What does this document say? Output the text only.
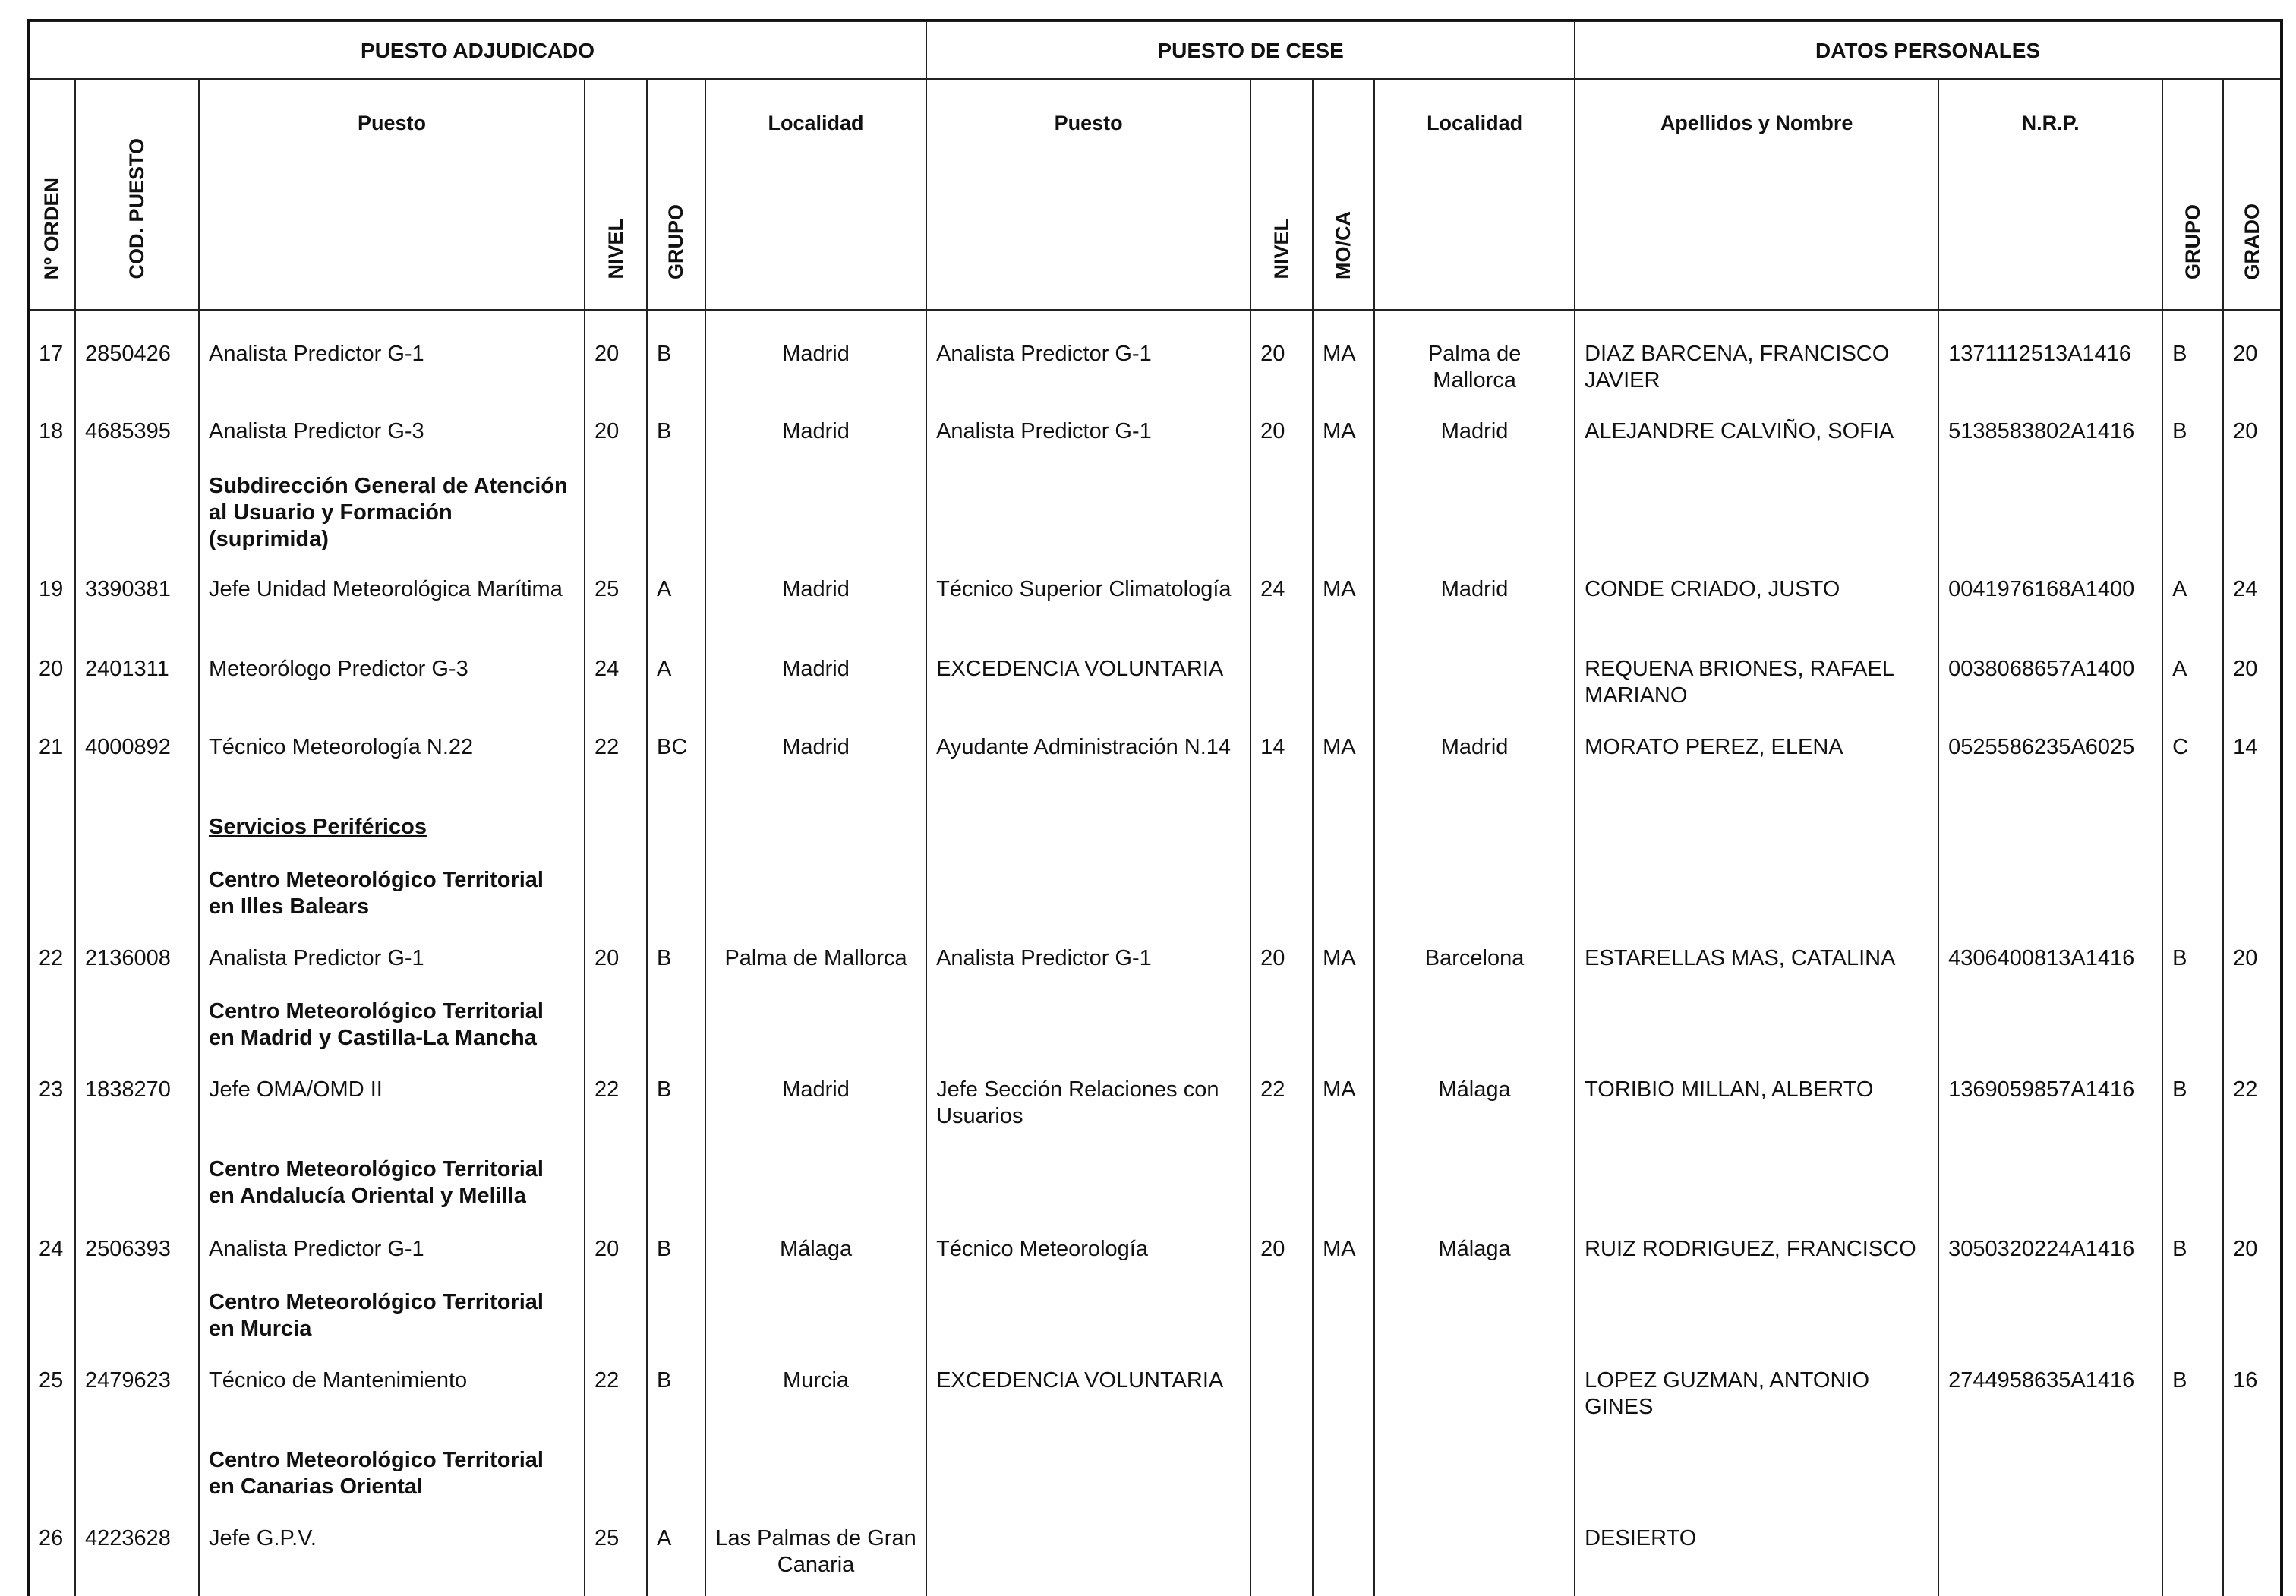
PUESTO ADJUDICADO						PUESTO DE CESE				DATOS PERSONALES			
Nº ORDEN	COD. PUESTO	Puesto	NIVEL	GRUPO	Localidad	Puesto	NIVEL	MO/CA	Localidad	Apellidos y Nombre	N.R.P.	GRUPO	GRADO
17	2850426	Analista Predictor G-1	20	B	Madrid	Analista Predictor G-1	20	MA	Palma de Mallorca	DIAZ BARCENA, FRANCISCO JAVIER	1371112513A1416	B	20
18	4685395	Analista Predictor G-3	20	B	Madrid	Analista Predictor G-1	20	MA	Madrid	ALEJANDRE CALVIÑO, SOFIA	5138583802A1416	B	20
		Subdirección General de Atención al Usuario y Formación (suprimida)											
19	3390381	Jefe Unidad Meteorológica Marítima	25	A	Madrid	Técnico Superior Climatología	24	MA	Madrid	CONDE CRIADO, JUSTO	0041976168A1400	A	24
20	2401311	Meteorólogo Predictor G-3	24	A	Madrid	EXCEDENCIA VOLUNTARIA				REQUENA BRIONES, RAFAEL MARIANO	0038068657A1400	A	20
21	4000892	Técnico Meteorología N.22	22	BC	Madrid	Ayudante Administración N.14	14	MA	Madrid	MORATO PEREZ, ELENA	0525586235A6025	C	14
		Servicios Periféricos											
		Centro Meteorológico Territorial en Illes Balears											
22	2136008	Analista Predictor G-1	20	B	Palma de Mallorca	Analista Predictor G-1	20	MA	Barcelona	ESTARELLAS MAS, CATALINA	4306400813A1416	B	20
		Centro Meteorológico Territorial en Madrid y Castilla-La Mancha											
23	1838270	Jefe OMA/OMD II	22	B	Madrid	Jefe Sección Relaciones con Usuarios	22	MA	Málaga	TORIBIO MILLAN, ALBERTO	1369059857A1416	B	22
		Centro Meteorológico Territorial en Andalucía Oriental y Melilla											
24	2506393	Analista Predictor G-1	20	B	Málaga	Técnico Meteorología	20	MA	Málaga	RUIZ RODRIGUEZ, FRANCISCO	3050320224A1416	B	20
		Centro Meteorológico Territorial en Murcia											
25	2479623	Técnico de Mantenimiento	22	B	Murcia	EXCEDENCIA VOLUNTARIA				LOPEZ GUZMAN, ANTONIO GINES	2744958635A1416	B	16
		Centro Meteorológico Territorial en Canarias Oriental											
26	4223628	Jefe G.P.V.	25	A	Las Palmas de Gran Canaria					DESIERTO			
